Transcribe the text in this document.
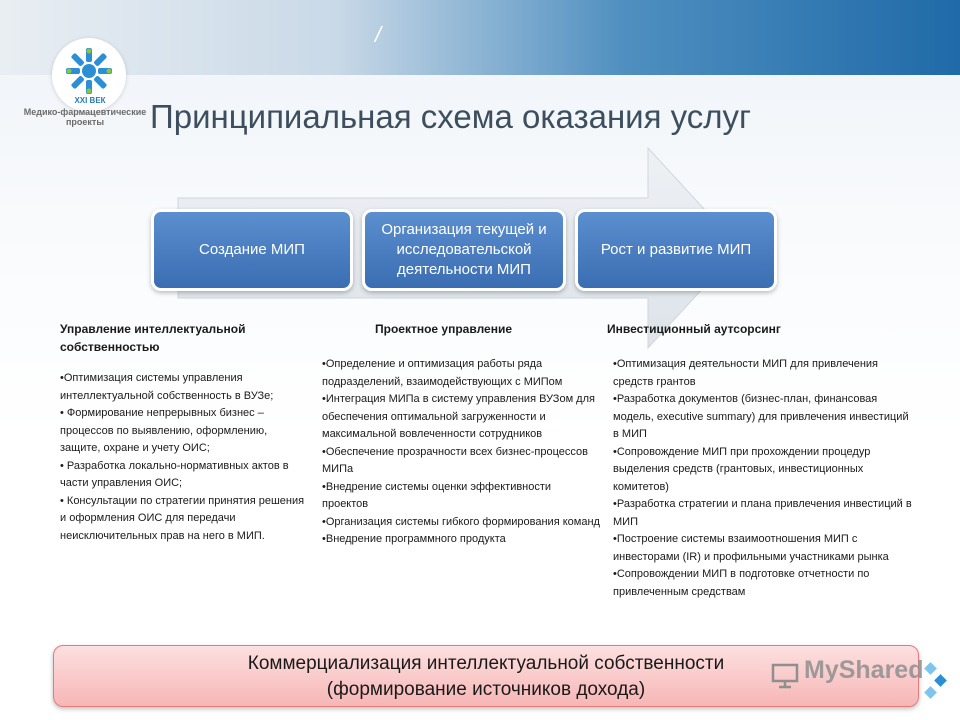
/
XXI ВЕК
Медико-фармацевтические проекты	Принципиальная схема оказания услуг
Создание МИП
Организация текущей и исследовательской деятельности МИП
Рост и развитие МИП
Управление интеллектуальной собственностью
Проектное управление	Инвестиционный аутсорсинг
•Оптимизация системы управления интеллектуальной собственность в ВУЗе;
• Формирование непрерывных бизнес – процессов по выявлению, оформлению, защите, охране и учету ОИС;
• Разработка локально-нормативных актов в части управления ОИС;
• Консультации по стратегии принятия решения и оформления ОИС для передачи неисключительных прав на него в МИП.
•Определение и оптимизация работы ряда подразделений, взаимодействующих с МИПом
•Интеграция МИПа в систему управления ВУЗом для обеспечения оптимальной загруженности и максимальной вовлеченности сотрудников
•Обеспечение прозрачности всех бизнес-процессов МИПа
•Внедрение системы оценки эффективности проектов
•Организация системы гибкого формирования команд
•Внедрение программного продукта
•Оптимизация деятельности МИП для привлечения средств грантов
•Разработка документов (бизнес-план, финансовая модель, executive summary) для привлечения инвестиций в МИП
•Сопровождение МИП при прохождении процедур выделения средств (грантовых, инвестиционных комитетов)
•Разработка стратегии и плана привлечения инвестиций в МИП
•Построение системы взаимоотношения МИП с инвесторами (IR) и профильными участниками рынка
•Сопровождении МИП в подготовке отчетности по привлеченным средствам
Коммерциализация интеллектуальной собственности
(формирование источников дохода)
MyShared
